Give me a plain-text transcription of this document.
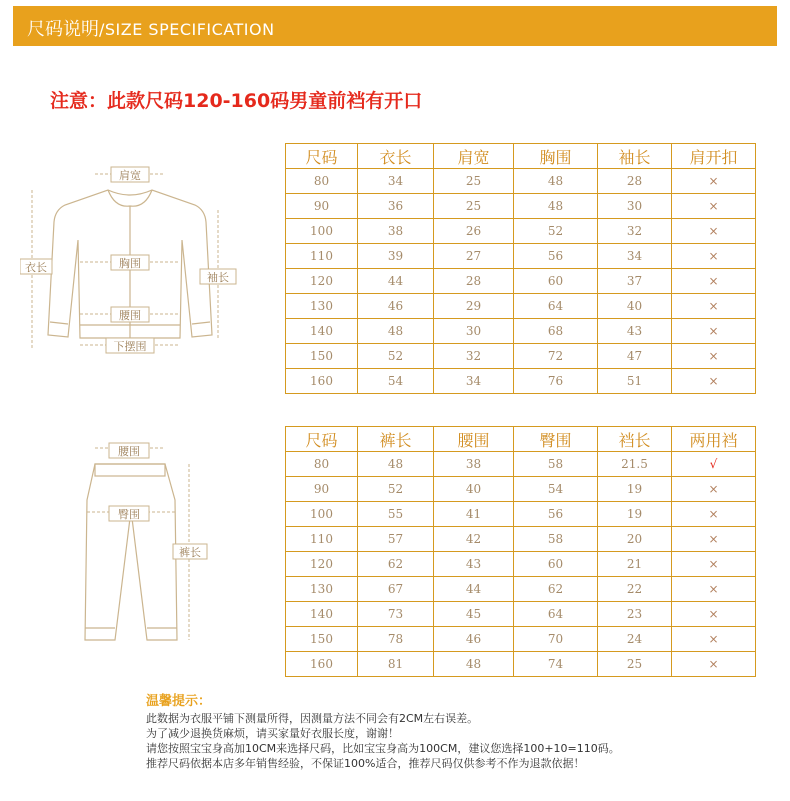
尺码说明/SIZE SPECIFICATION
注意：此款尺码120-160码男童前裆有开口
肩宽
衣长	胸围
袖长
腰围
下摆围
腰围
臀围
裤长
尺码	衣长	肩宽	胸围	袖长	肩开扣
80	34	25	48	28	×
90	36	25	48	30	×
100	38	26	52	32	×
110	39	27	56	34	×
120	44	28	60	37	×
130	46	29	64	40	×
140	48	30	68	43	×
150	52	32	72	47	×
160	54	34	76	51	×
尺码	裤长	腰围	臀围	裆长	两用裆
80	48	38	58	21.5	√
90	52	40	54	19	×
100	55	41	56	19	×
110	57	42	58	20	×
120	62	43	60	21	×
130	67	44	62	22	×
140	73	45	64	23	×
150	78	46	70	24	×
160	81	48	74	25	×
温馨提示：
此数据为衣服平铺下测量所得，因测量方法不同会有2CM左右误差。
为了减少退换货麻烦，请买家量好衣服长度，谢谢！
请您按照宝宝身高加10CM来选择尺码，比如宝宝身高为100CM，建议您选择100+10=110码。
推荐尺码依据本店多年销售经验，不保证100%适合，推荐尺码仅供参考不作为退款依据！
